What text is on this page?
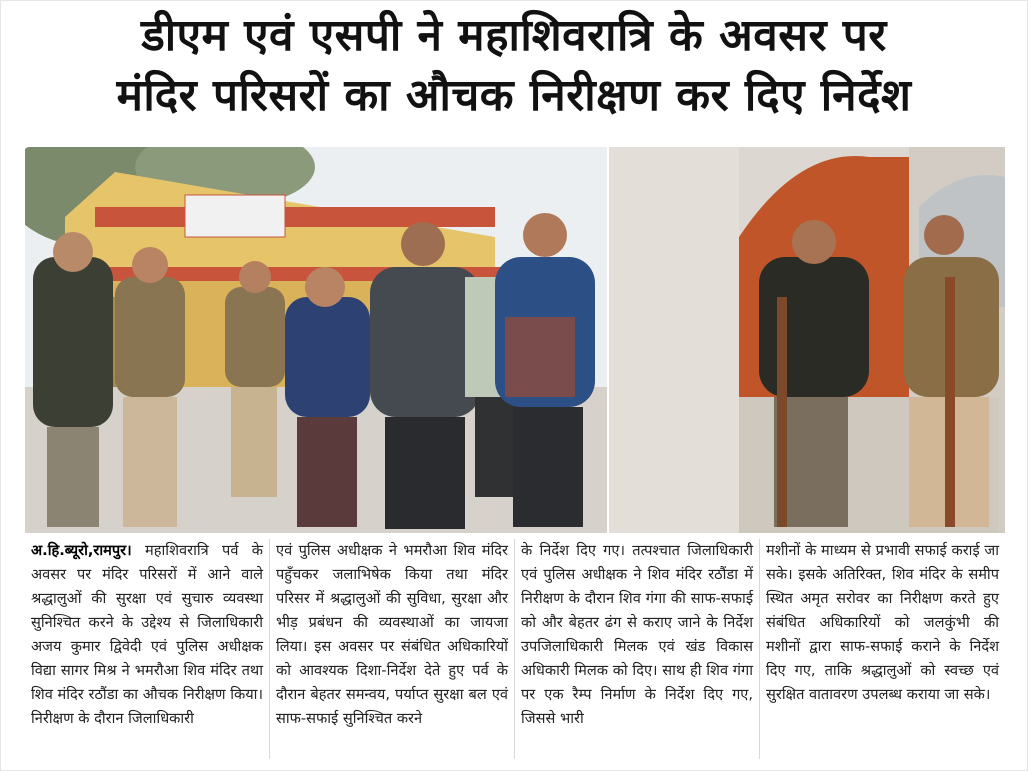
डीएम एवं एसपी ने महाशिवरात्रि के अवसर पर
मंदिर परिसरों का औचक निरीक्षण कर दिए निर्देश

अ.हि.ब्यूरो,रामपुर। महाशिवरात्रि पर्व के अवसर पर मंदिर परिसरों में आने वाले श्रद्धालुओं की सुरक्षा एवं सुचारु व्यवस्था सुनिश्चित करने के उद्देश्य से जिलाधिकारी अजय कुमार द्विवेदी एवं पुलिस अधीक्षक विद्या सागर मिश्र ने भमरौआ शिव मंदिर तथा शिव मंदिर रठौंडा का औचक निरीक्षण किया। निरीक्षण के दौरान जिलाधिकारी

एवं पुलिस अधीक्षक ने भमरौआ शिव मंदिर पहुँचकर जलाभिषेक किया तथा मंदिर परिसर में श्रद्धालुओं की सुविधा, सुरक्षा और भीड़ प्रबंधन की व्यवस्थाओं का जायजा लिया। इस अवसर पर संबंधित अधिकारियों को आवश्यक दिशा-निर्देश देते हुए पर्व के दौरान बेहतर समन्वय, पर्याप्त सुरक्षा बल एवं साफ-सफाई सुनिश्चित करने

के निर्देश दिए गए। तत्पश्चात जिलाधिकारी एवं पुलिस अधीक्षक ने शिव मंदिर रठौंडा में निरीक्षण के दौरान शिव गंगा की साफ-सफाई को और बेहतर ढंग से कराए जाने के निर्देश उपजिलाधिकारी मिलक एवं खंड विकास अधिकारी मिलक को दिए। साथ ही शिव गंगा पर एक रैम्प निर्माण के निर्देश दिए गए, जिससे भारी

मशीनों के माध्यम से प्रभावी सफाई कराई जा सके। इसके अतिरिक्त, शिव मंदिर के समीप स्थित अमृत सरोवर का निरीक्षण करते हुए संबंधित अधिकारियों को जलकुंभी की मशीनों द्वारा साफ-सफाई कराने के निर्देश दिए गए, ताकि श्रद्धालुओं को स्वच्छ एवं सुरक्षित वातावरण उपलब्ध कराया जा सके।
